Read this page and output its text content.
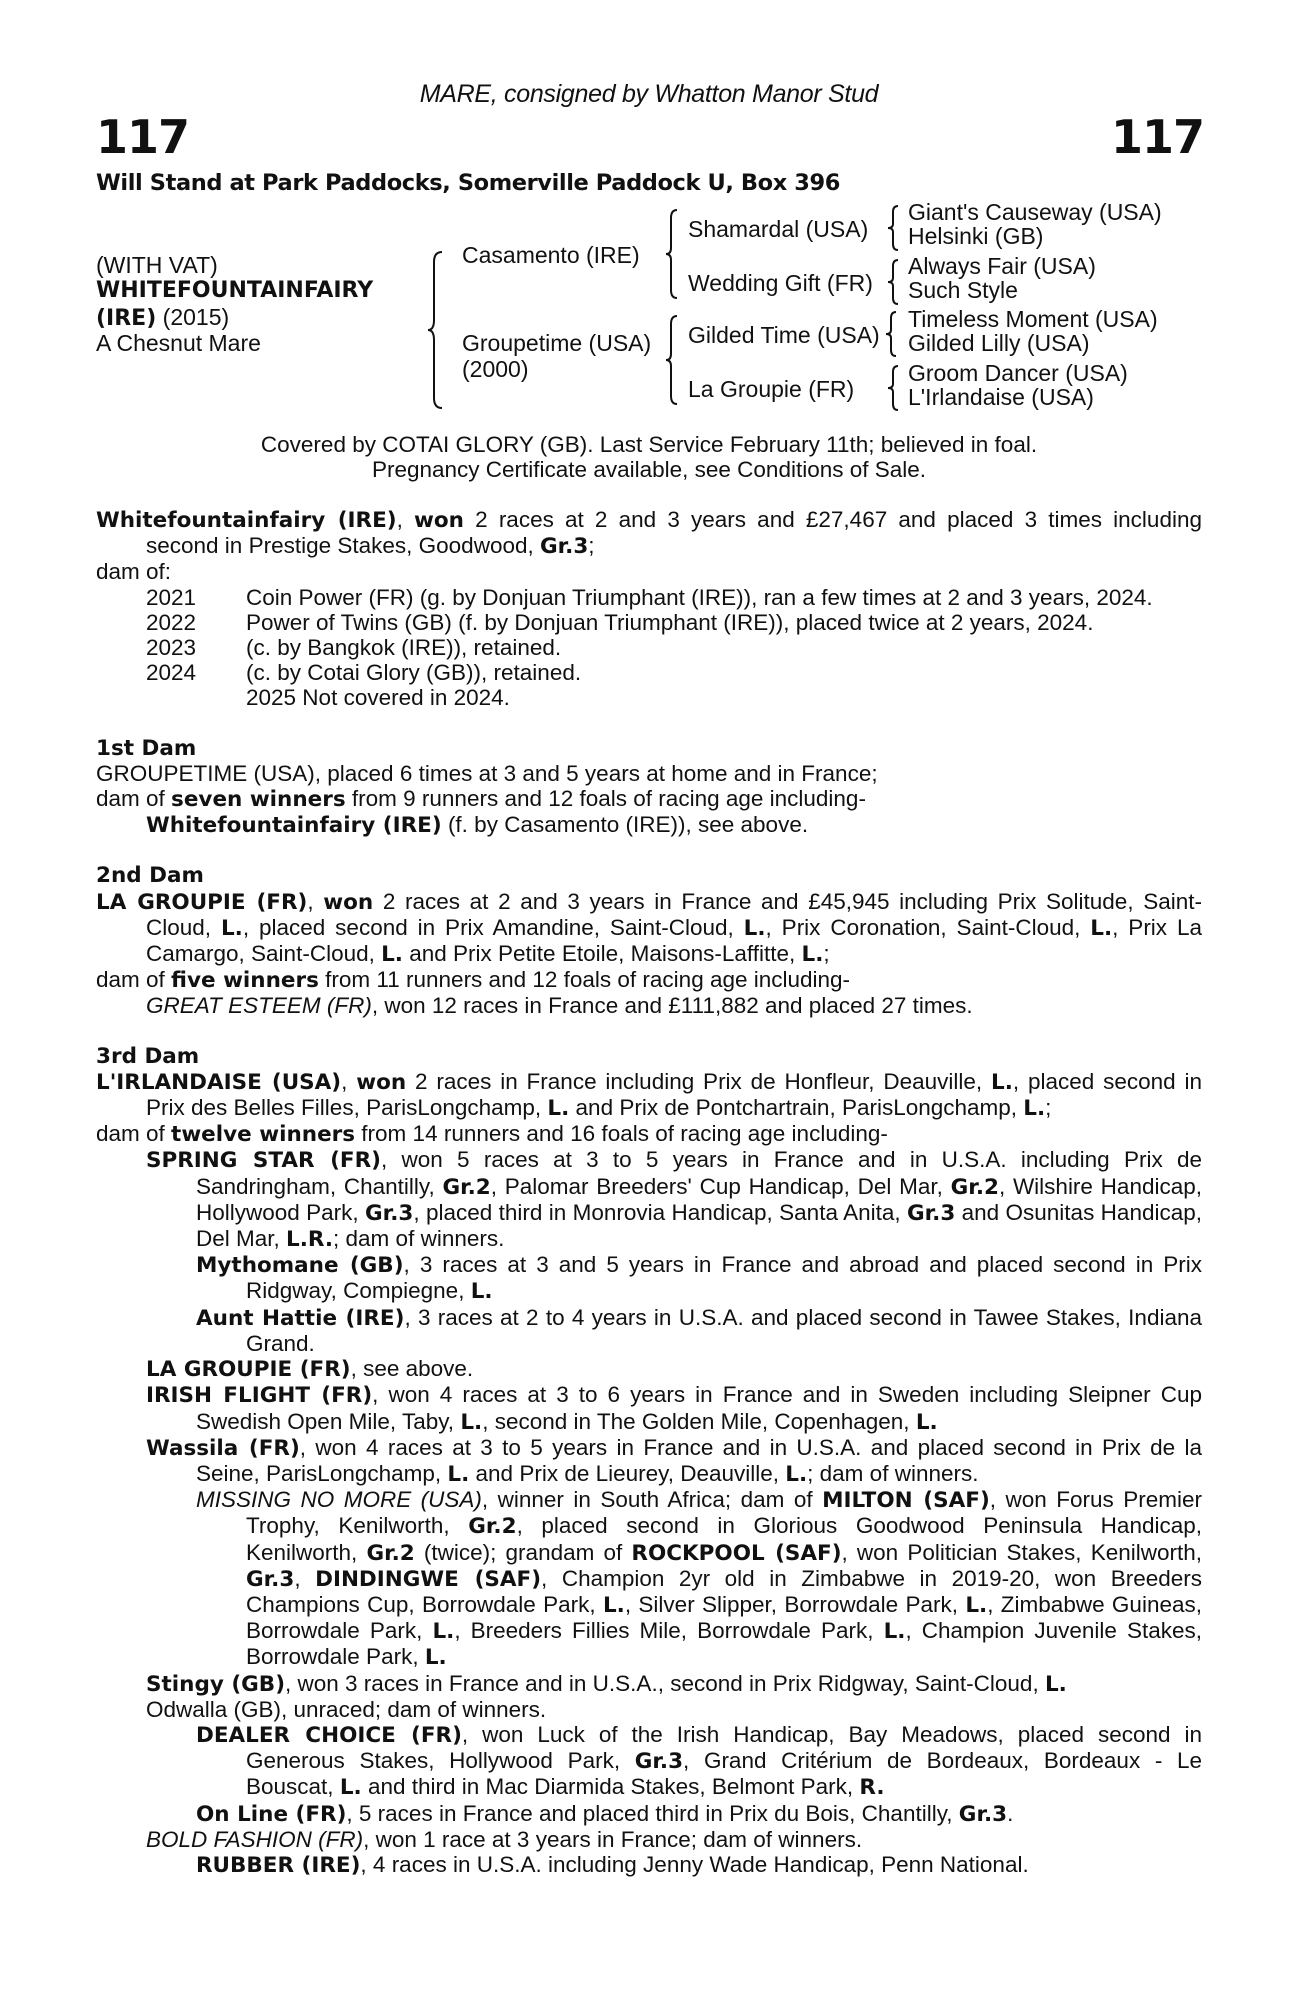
MARE, consigned by Whatton Manor Stud
117	117
Will Stand at Park Paddocks, Somerville Paddock U, Box 396
(WITH VAT)
WHITEFOUNTAINFAIRY
(IRE) (2015)
A Chesnut Mare
Casamento (IRE)
Groupetime (USA)
(2000)
Shamardal (USA)
Wedding Gift (FR)
Gilded Time (USA)
La Groupie (FR)
Giant's Causeway (USA)
Helsinki (GB)
Always Fair (USA)
Such Style
Timeless Moment (USA)
Gilded Lilly (USA)
Groom Dancer (USA)
L'Irlandaise (USA)
Covered by COTAI GLORY (GB). Last Service February 11th; believed in foal.
Pregnancy Certificate available, see Conditions of Sale.

Whitefountainfairy (IRE), won 2 races at 2 and 3 years and £27,467 and placed 3 times including second in Prestige Stakes, Goodwood, Gr.3;

dam of:

2021	Coin Power (FR) (g. by Donjuan Triumphant (IRE)), ran a few times at 2 and 3 years, 2024.
2022	Power of Twins (GB) (f. by Donjuan Triumphant (IRE)), placed twice at 2 years, 2024.
2023	(c. by Bangkok (IRE)), retained.
2024	(c. by Cotai Glory (GB)), retained.
2025 Not covered in 2024.

1st Dam

GROUPETIME (USA), placed 6 times at 3 and 5 years at home and in France;

dam of seven winners from 9 runners and 12 foals of racing age including-

Whitefountainfairy (IRE) (f. by Casamento (IRE)), see above.

2nd Dam

LA GROUPIE (FR), won 2 races at 2 and 3 years in France and £45,945 including Prix Solitude, Saint-Cloud, L., placed second in Prix Amandine, Saint-Cloud, L., Prix Coronation, Saint-Cloud, L., Prix La Camargo, Saint-Cloud, L. and Prix Petite Etoile, Maisons-Laffitte, L.;

dam of five winners from 11 runners and 12 foals of racing age including-

GREAT ESTEEM (FR), won 12 races in France and £111,882 and placed 27 times.

3rd Dam

L'IRLANDAISE (USA), won 2 races in France including Prix de Honfleur, Deauville, L., placed second in Prix des Belles Filles, ParisLongchamp, L. and Prix de Pontchartrain, ParisLongchamp, L.;

dam of twelve winners from 14 runners and 16 foals of racing age including-

SPRING STAR (FR), won 5 races at 3 to 5 years in France and in U.S.A. including Prix de Sandringham, Chantilly, Gr.2, Palomar Breeders' Cup Handicap, Del Mar, Gr.2, Wilshire Handicap, Hollywood Park, Gr.3, placed third in Monrovia Handicap, Santa Anita, Gr.3 and Osunitas Handicap, Del Mar, L.R.; dam of winners.

Mythomane (GB), 3 races at 3 and 5 years in France and abroad and placed second in Prix Ridgway, Compiegne, L.

Aunt Hattie (IRE), 3 races at 2 to 4 years in U.S.A. and placed second in Tawee Stakes, Indiana Grand.

LA GROUPIE (FR), see above.

IRISH FLIGHT (FR), won 4 races at 3 to 6 years in France and in Sweden including Sleipner Cup Swedish Open Mile, Taby, L., second in The Golden Mile, Copenhagen, L.

Wassila (FR), won 4 races at 3 to 5 years in France and in U.S.A. and placed second in Prix de la Seine, ParisLongchamp, L. and Prix de Lieurey, Deauville, L.; dam of winners.

MISSING NO MORE (USA), winner in South Africa; dam of MILTON (SAF), won Forus Premier Trophy, Kenilworth, Gr.2, placed second in Glorious Goodwood Peninsula Handicap, Kenilworth, Gr.2 (twice); grandam of ROCKPOOL (SAF), won Politician Stakes, Kenilworth, Gr.3, DINDINGWE (SAF), Champion 2yr old in Zimbabwe in 2019-20, won Breeders Champions Cup, Borrowdale Park, L., Silver Slipper, Borrowdale Park, L., Zimbabwe Guineas, Borrowdale Park, L., Breeders Fillies Mile, Borrowdale Park, L., Champion Juvenile Stakes, Borrowdale Park, L.

Stingy (GB), won 3 races in France and in U.S.A., second in Prix Ridgway, Saint-Cloud, L.

Odwalla (GB), unraced; dam of winners.

DEALER CHOICE (FR), won Luck of the Irish Handicap, Bay Meadows, placed second in Generous Stakes, Hollywood Park, Gr.3, Grand Critérium de Bordeaux, Bordeaux - Le Bouscat, L. and third in Mac Diarmida Stakes, Belmont Park, R.

On Line (FR), 5 races in France and placed third in Prix du Bois, Chantilly, Gr.3.

BOLD FASHION (FR), won 1 race at 3 years in France; dam of winners.

RUBBER (IRE), 4 races in U.S.A. including Jenny Wade Handicap, Penn National.
